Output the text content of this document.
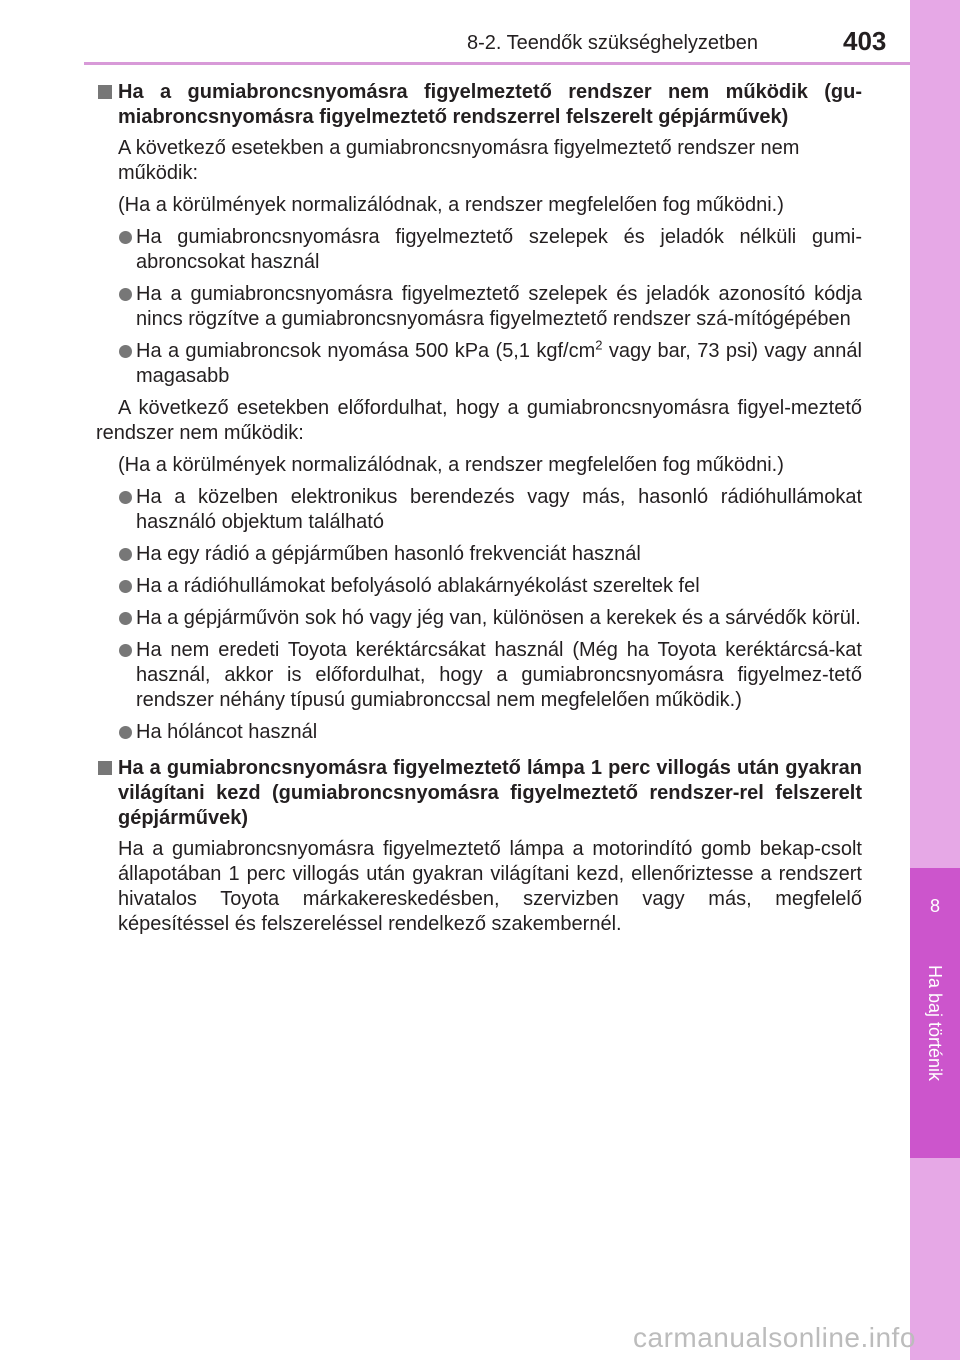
8-2. Teendők szükséghelyzetben	403
8
Ha baj történik
Ha a gumiabroncsnyomásra figyelmeztető rendszer nem működik (gu-miabroncsnyomásra figyelmeztető rendszerrel felszerelt gépjárművek)
A következő esetekben a gumiabroncsnyomásra figyelmeztető rendszer nem működik:
(Ha a körülmények normalizálódnak, a rendszer megfelelően fog működni.)
Ha gumiabroncsnyomásra figyelmeztető szelepek és jeladók nélküli gumi-abroncsokat használ
Ha a gumiabroncsnyomásra figyelmeztető szelepek és jeladók azonosító kódja nincs rögzítve a gumiabroncsnyomásra figyelmeztető rendszer szá-mítógépében
Ha a gumiabroncsok nyomása 500 kPa (5,1 kgf/$cm^2$ vagy bar, 73 psi) vagy annál magasabb
A következő esetekben előfordulhat, hogy a gumiabroncsnyomásra figyel-meztető rendszer nem működik:
(Ha a körülmények normalizálódnak, a rendszer megfelelően fog működni.)
Ha a közelben elektronikus berendezés vagy más, hasonló rádióhullámokat használó objektum található
Ha egy rádió a gépjárműben hasonló frekvenciát használ
Ha a rádióhullámokat befolyásoló ablakárnyékolást szereltek fel
Ha a gépjárművön sok hó vagy jég van, különösen a kerekek és a sárvédők körül.
Ha nem eredeti Toyota keréktárcsákat használ (Még ha Toyota keréktárcsá-kat használ, akkor is előfordulhat, hogy a gumiabroncsnyomásra figyelmez-tető rendszer néhány típusú gumiabronccsal nem megfelelően működik.)
Ha hóláncot használ
Ha a gumiabroncsnyomásra figyelmeztető lámpa 1 perc villogás után gyakran világítani kezd (gumiabroncsnyomásra figyelmeztető rendszer-rel felszerelt gépjárművek)
Ha a gumiabroncsnyomásra figyelmeztető lámpa a motorindító gomb bekap-csolt állapotában 1 perc villogás után gyakran világítani kezd, ellenőriztesse a rendszert hivatalos Toyota márkakereskedésben, szervizben vagy más, megfelelő képesítéssel és felszereléssel rendelkező szakembernél.
carmanualsonline.info
